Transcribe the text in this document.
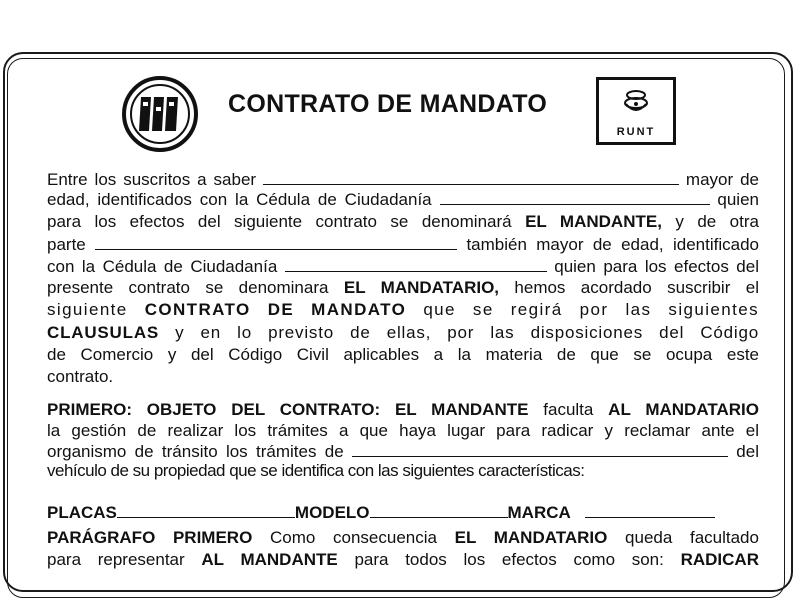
CONTRATO DE MANDATO
RUNT

Entre los suscritos a saber	mayor de

edad, identificados con la Cédula de Ciudadanía	quien

para los efectos del siguiente contrato se denominará EL MANDANTE, y de otra

parte	también mayor de edad, identificado

con la Cédula de Ciudadanía	quien para los efectos del

presente contrato se denominara EL MANDATARIO, hemos acordado suscribir el

siguiente CONTRATO DE MANDATO que se regirá por las siguientes

CLAUSULAS y en lo previsto de ellas, por las disposiciones del Código

de Comercio y del Código Civil aplicables a la materia de que se ocupa este

contrato.

PRIMERO: OBJETO DEL CONTRATO: EL MANDANTE faculta AL MANDATARIO

la gestión de realizar los trámites a que haya lugar para radicar y reclamar ante el

organismo de tránsito los trámites de	del

vehículo de su propiedad que se identifica con las siguientes características:

PLACAS	MODELO	MARCA

PARÁGRAFO PRIMERO Como consecuencia EL MANDATARIO queda facultado

para representar AL MANDANTE para todos los efectos como son: RADICAR
